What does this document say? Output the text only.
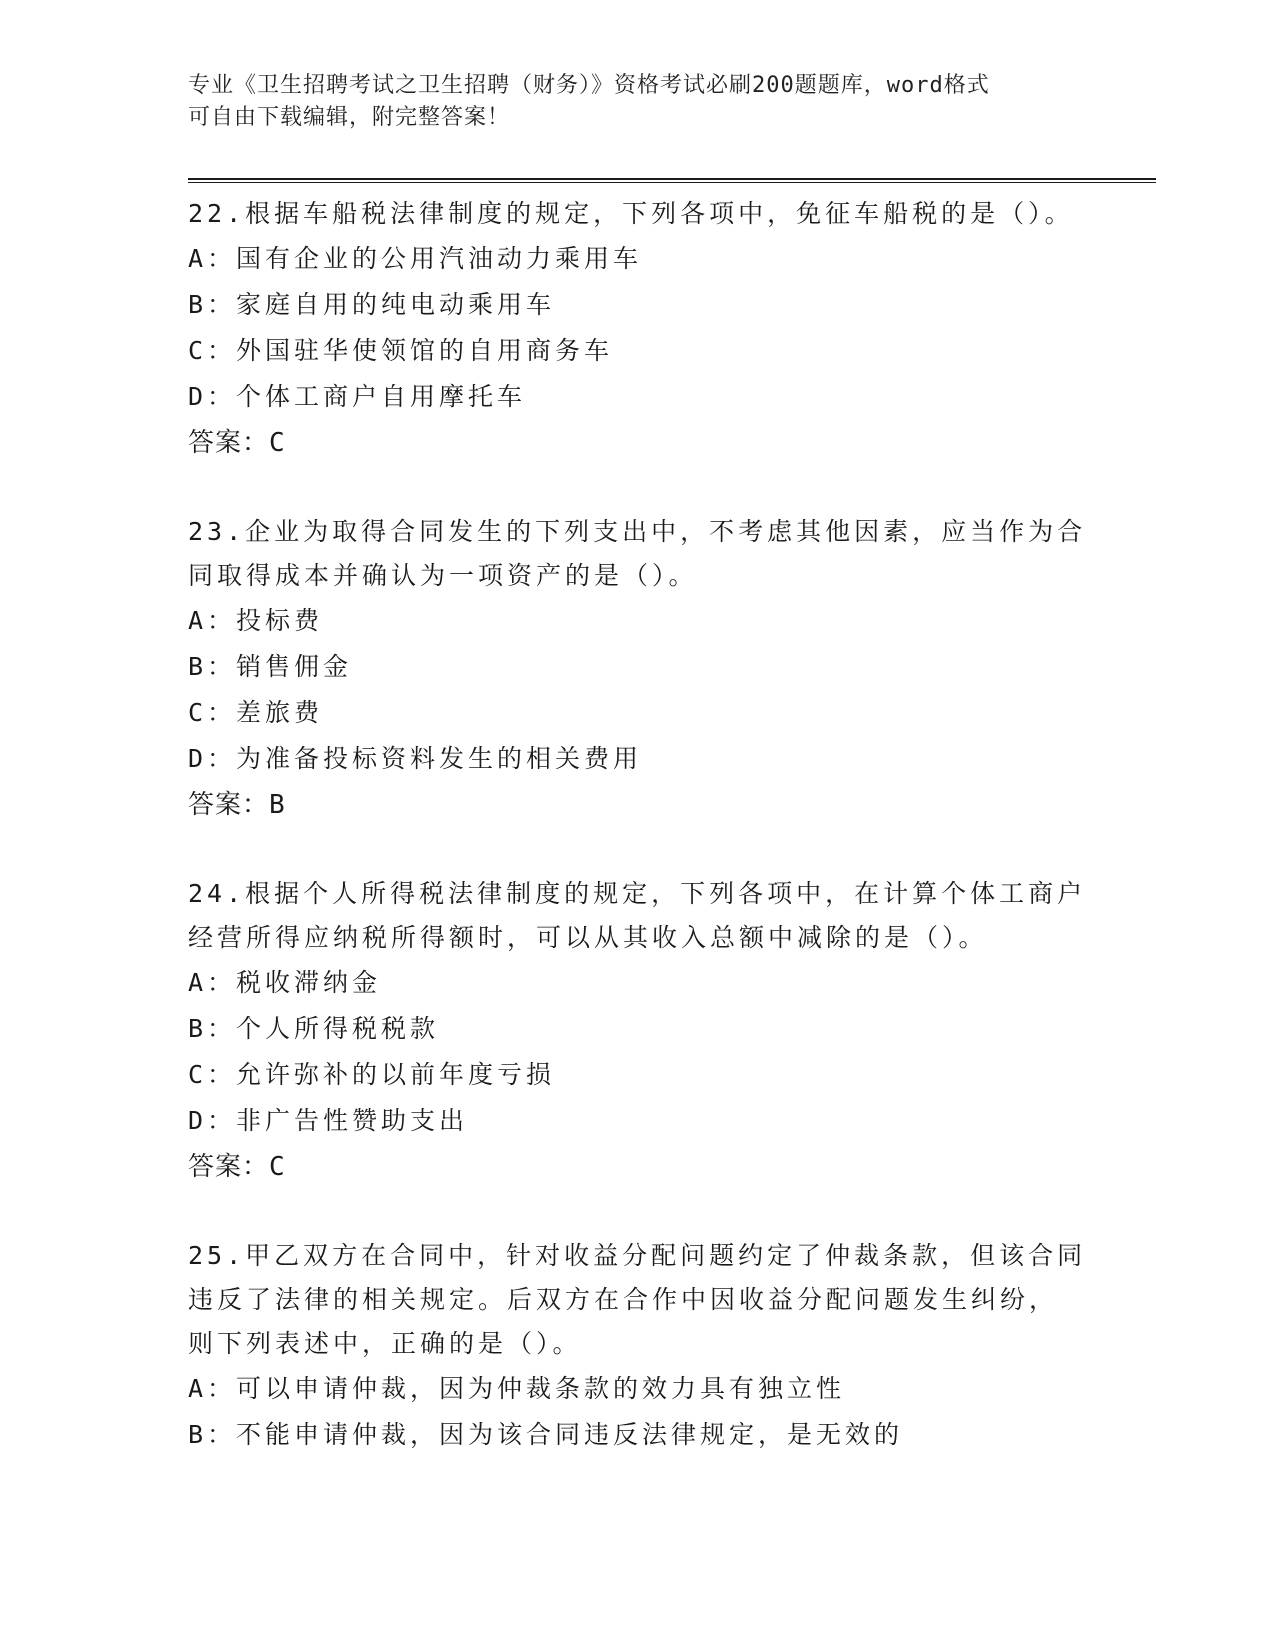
专业《卫生招聘考试之卫生招聘（财务）》资格考试必刷200题题库，word格式
可自由下载编辑，附完整答案！
22.根据车船税法律制度的规定，下列各项中，免征车船税的是（）。
A：国有企业的公用汽油动力乘用车
B：家庭自用的纯电动乘用车
C：外国驻华使领馆的自用商务车
D：个体工商户自用摩托车
答案：C
23.企业为取得合同发生的下列支出中，不考虑其他因素，应当作为合
同取得成本并确认为一项资产的是（）。
A：投标费
B：销售佣金
C：差旅费
D：为准备投标资料发生的相关费用
答案：B
24.根据个人所得税法律制度的规定，下列各项中，在计算个体工商户
经营所得应纳税所得额时，可以从其收入总额中减除的是（）。
A：税收滞纳金
B：个人所得税税款
C：允许弥补的以前年度亏损
D：非广告性赞助支出
答案：C
25.甲乙双方在合同中，针对收益分配问题约定了仲裁条款，但该合同
违反了法律的相关规定。后双方在合作中因收益分配问题发生纠纷，
则下列表述中，正确的是（）。
A：可以申请仲裁，因为仲裁条款的效力具有独立性
B：不能申请仲裁，因为该合同违反法律规定，是无效的
